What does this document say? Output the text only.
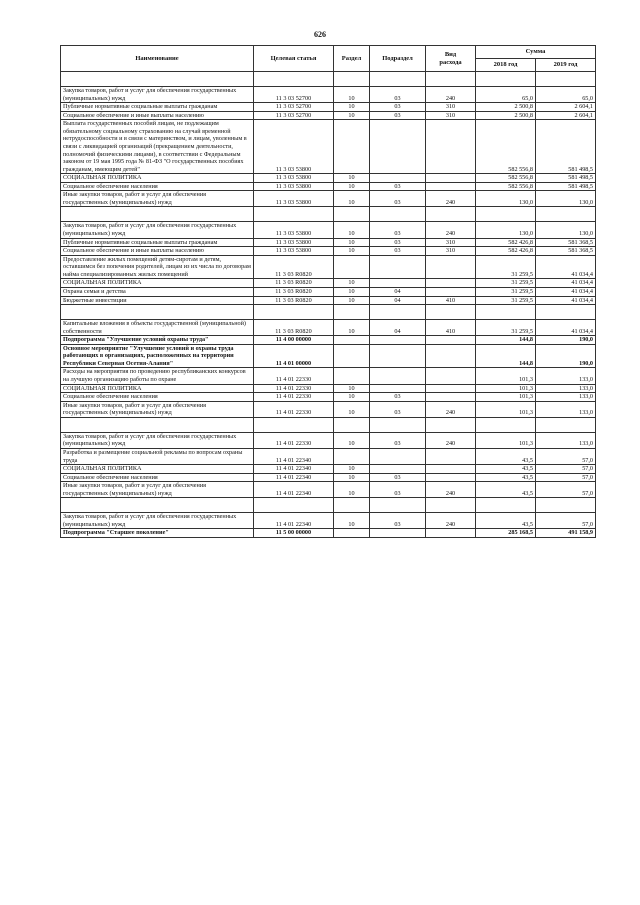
626
Наименование	Целевая статья	Раздел	Подраздел	Вид
расхода	Сумма	
					2018 год	2019 год

Закупка товаров, работ и услуг для обеспечения государственных (муниципальных) нужд	11 3 03 52700	10	03	240	65,0	65,0
Публичные нормативные социальные выплаты гражданам	11 3 03 52700	10	03	310	2 500,8	2 604,1
Социальное обеспечение и иные выплаты населению	11 3 03 52700	10	03	310	2 500,8	2 604,1
Выплата государственных пособий лицам, не подлежащим обязательному социальному страхованию на случай временной нетрудоспособности и в связи с материнством, и лицам, уволенным в связи с ликвидацией организаций (прекращением деятельности, полномочий физическими лицами), в соответствии с Федеральным законом от 19 мая 1995 года № 81-ФЗ "О государственных пособиях гражданам, имеющим детей"	11 3 03 53800				582 556,8	581 498,5
СОЦИАЛЬНАЯ ПОЛИТИКА	11 3 03 53800	10			582 556,8	581 498,5
Социальное обеспечение населения	11 3 03 53800	10	03		582 556,8	581 498,5
Иные закупки товаров, работ и услуг для обеспечения государственных (муниципальных) нужд	11 3 03 53800	10	03	240	130,0	130,0

Закупка товаров, работ и услуг для обеспечения государственных (муниципальных) нужд	11 3 03 53800	10	03	240	130,0	130,0
Публичные нормативные социальные выплаты гражданам	11 3 03 53800	10	03	310	582 426,8	581 368,5
Социальное обеспечение и иные выплаты населению	11 3 03 53800	10	03	310	582 426,8	581 368,5
Предоставление жилых помещений детям-сиротам и детям, оставшимся без попечения родителей, лицам из их числа по договорам найма специализированных жилых помещений	11 3 03 R0820				31 259,5	41 034,4
СОЦИАЛЬНАЯ ПОЛИТИКА	11 3 03 R0820	10			31 259,5	41 034,4
Охрана семьи и детства	11 3 03 R0820	10	04		31 259,5	41 034,4
Бюджетные инвестиции	11 3 03 R0820	10	04	410	31 259,5	41 034,4

Капитальные вложения в объекты государственной (муниципальной) собственности	11 3 03 R0820	10	04	410	31 259,5	41 034,4
Подпрограмма "Улучшение условий охраны труда"	11 4 00 00000				144,8	190,0
Основное мероприятие "Улучшение условий и охраны труда работающих в организациях, расположенных на территории Республики Северная Осетия-Алания"	11 4 01 00000				144,8	190,0
Расходы на мероприятия по проведению республиканских конкурсов на лучшую организацию работы по охране	11 4 01 22330				101,3	133,0
СОЦИАЛЬНАЯ ПОЛИТИКА	11 4 01 22330	10			101,3	133,0
Социальное обеспечение населения	11 4 01 22330	10	03		101,3	133,0
Иные закупки товаров, работ и услуг для обеспечения государственных (муниципальных) нужд	11 4 01 22330	10	03	240	101,3	133,0

Закупка товаров, работ и услуг для обеспечения государственных (муниципальных) нужд	11 4 01 22330	10	03	240	101,3	133,0
Разработка и размещение социальной рекламы по вопросам охраны труда	11 4 01 22340				43,5	57,0
СОЦИАЛЬНАЯ ПОЛИТИКА	11 4 01 22340	10			43,5	57,0
Социальное обеспечение населения	11 4 01 22340	10	03		43,5	57,0
Иные закупки товаров, работ и услуг для обеспечения государственных (муниципальных) нужд	11 4 01 22340	10	03	240	43,5	57,0

Закупка товаров, работ и услуг для обеспечения государственных (муниципальных) нужд	11 4 01 22340	10	03	240	43,5	57,0
Подпрограмма "Старшее поколение"	11 5 00 00000				285 168,5	491 158,9
